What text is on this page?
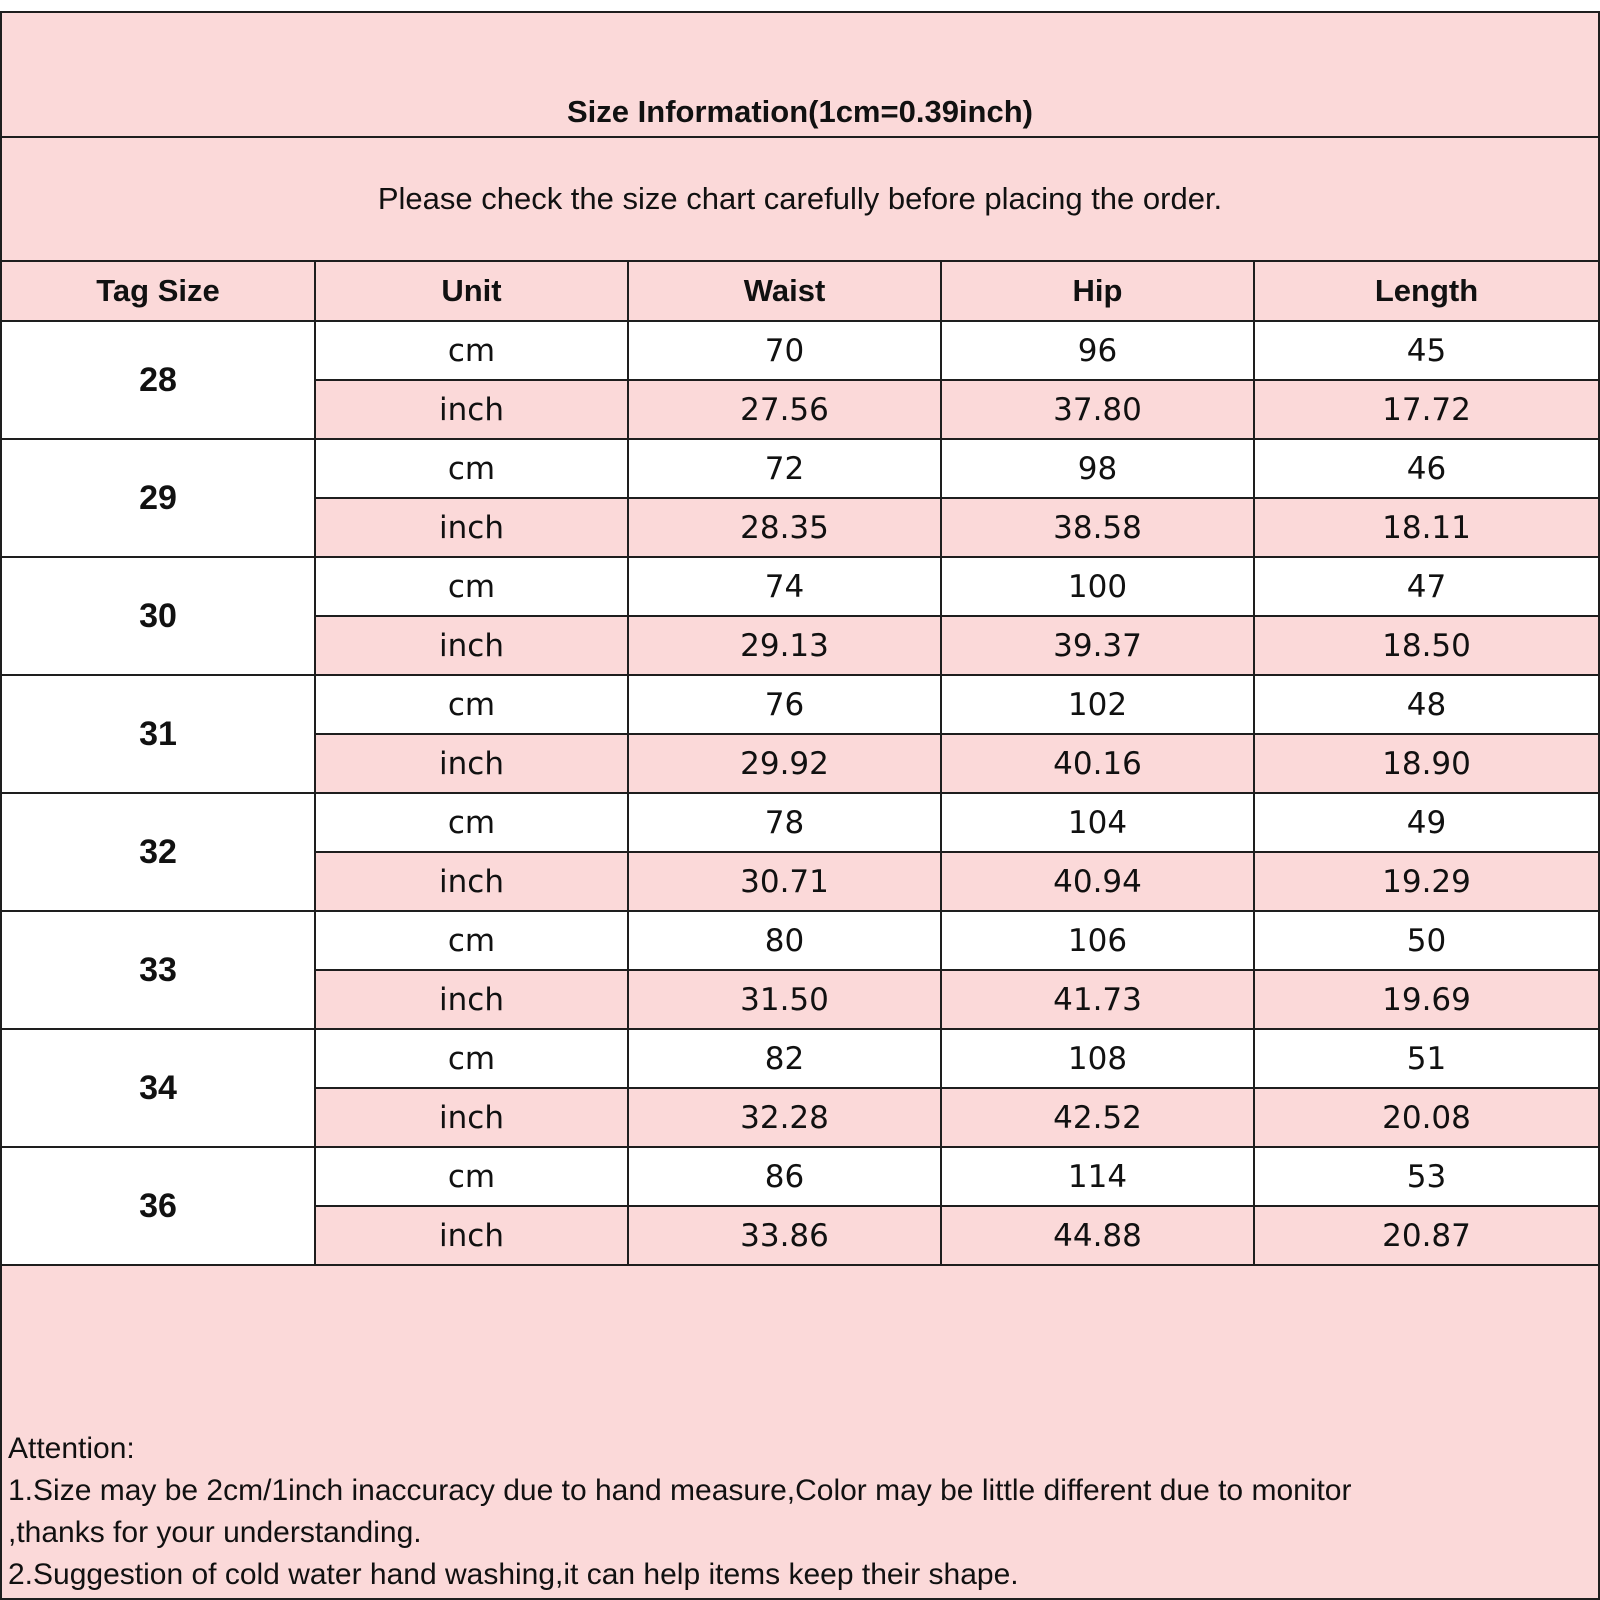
Size Information(1cm=0.39inch)
Please check the size chart carefully before placing the order.
Tag Size	Unit	Waist	Hip	Length
28	cm	70	96	45
	inch	27.56	37.80	17.72
29	cm	72	98	46
	inch	28.35	38.58	18.11
30	cm	74	100	47
	inch	29.13	39.37	18.50
31	cm	76	102	48
	inch	29.92	40.16	18.90
32	cm	78	104	49
	inch	30.71	40.94	19.29
33	cm	80	106	50
	inch	31.50	41.73	19.69
34	cm	82	108	51
	inch	32.28	42.52	20.08
36	cm	86	114	53
	inch	33.86	44.88	20.87
Attention:
1.Size may be 2cm/1inch inaccuracy due to hand measure,Color may be little different due to monitor
,thanks for your understanding.
2.Suggestion of cold water hand washing,it can help items keep their shape.
